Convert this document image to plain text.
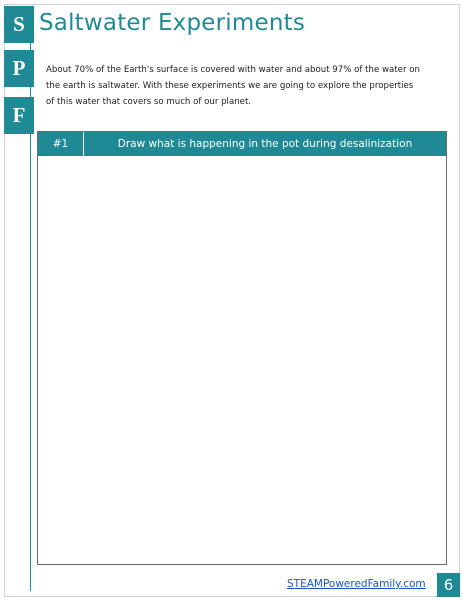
S
P
F
Saltwater Experiments
About 70% of the Earth's surface is covered with water and about 97% of the water on
the earth is saltwater. With these experiments we are going to explore the properties
of this water that covers so much of our planet.
#1	Draw what is happening in the pot during desalinization
STEAMPoweredFamily.com	6
